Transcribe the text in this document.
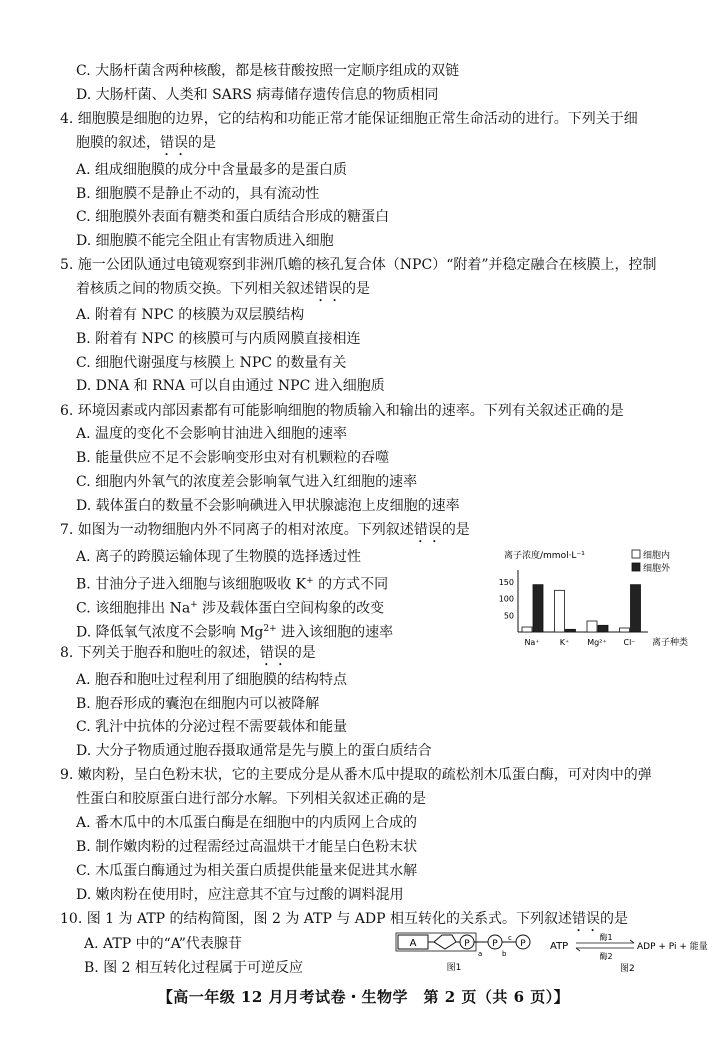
C. 大肠杆菌含两种核酸，都是核苷酸按照一定顺序组成的双链
D. 大肠杆菌、人类和 SARS 病毒储存遗传信息的物质相同
4. 细胞膜是细胞的边界，它的结构和功能正常才能保证细胞正常生命活动的进行。下列关于细
胞膜的叙述，错误的是
A. 组成细胞膜的成分中含量最多的是蛋白质
B. 细胞膜不是静止不动的，具有流动性
C. 细胞膜外表面有糖类和蛋白质结合形成的糖蛋白
D. 细胞膜不能完全阻止有害物质进入细胞
5. 施一公团队通过电镜观察到非洲爪蟾的核孔复合体（NPC）“附着”并稳定融合在核膜上，控制
着核质之间的物质交换。下列相关叙述错误的是
A. 附着有 NPC 的核膜为双层膜结构
B. 附着有 NPC 的核膜可与内质网膜直接相连
C. 细胞代谢强度与核膜上 NPC 的数量有关
D. DNA 和 RNA 可以自由通过 NPC 进入细胞质
6. 环境因素或内部因素都有可能影响细胞的物质输入和输出的速率。下列有关叙述正确的是
A. 温度的变化不会影响甘油进入细胞的速率
B. 能量供应不足不会影响变形虫对有机颗粒的吞噬
C. 细胞内外氧气的浓度差会影响氧气进入红细胞的速率
D. 载体蛋白的数量不会影响碘进入甲状腺滤泡上皮细胞的速率
7. 如图为一动物细胞内外不同离子的相对浓度。下列叙述错误的是
A. 离子的跨膜运输体现了生物膜的选择透过性
B. 甘油分子进入细胞与该细胞吸收 K+ 的方式不同
C. 该细胞排出 Na+ 涉及载体蛋白空间构象的改变
D. 降低氧气浓度不会影响 $Mg^{2+}$ 进入该细胞的速率
离子浓度/mmol·L⁻¹
50
100
150
离子种类
Na⁺	K⁺ Mg²⁺ Cl⁻
细胞内
细胞外
8. 下列关于胞吞和胞吐的叙述，错误的是
A. 胞吞和胞吐过程利用了细胞膜的结构特点
B. 胞吞形成的囊泡在细胞内可以被降解
C. 乳汁中抗体的分泌过程不需要载体和能量
D. 大分子物质通过胞吞摄取通常是先与膜上的蛋白质结合
9. 嫩肉粉，呈白色粉末状，它的主要成分是从番木瓜中提取的疏松剂木瓜蛋白酶，可对肉中的弹
性蛋白和胶原蛋白进行部分水解。下列相关叙述正确的是
A. 番木瓜中的木瓜蛋白酶是在细胞中的内质网上合成的
B. 制作嫩肉粉的过程需经过高温烘干才能呈白色粉末状
C. 木瓜蛋白酶通过为相关蛋白质提供能量来促进其水解
D. 嫩肉粉在使用时，应注意其不宜与过酸的调料混用
10. 图 1 为 ATP 的结构简图，图 2 为 ATP 与 ADP 相互转化的关系式。下列叙述错误的是
A. ATP 中的“A”代表腺苷
B. 图 2 相互转化过程属于可逆反应
A	P
a
P
b
c
P
图1
ATP
酶1
酶2
ADP + Pi + 能量
图2
【高一年级 12 月月考试卷・生物学　第 2 页（共 6 页）】
